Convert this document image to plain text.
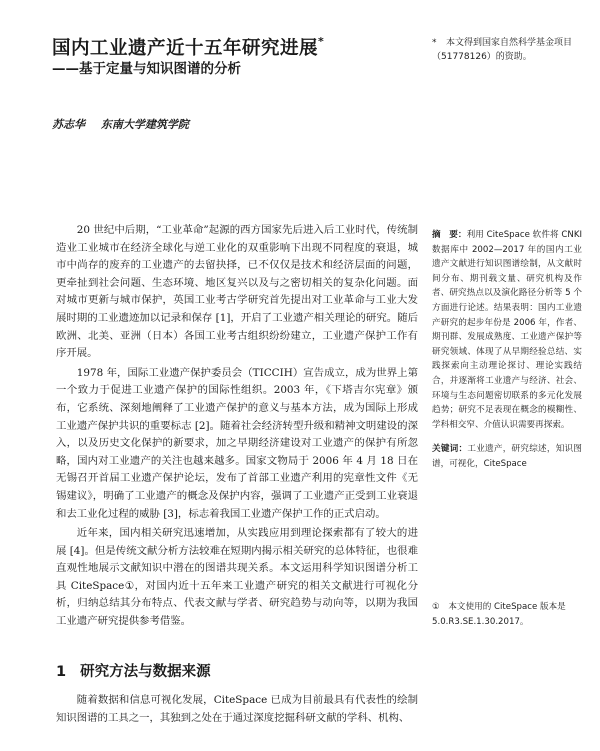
国内工业遗产近十五年研究进展*
——基于定量与知识图谱的分析
苏志华 东南大学建筑学院
* 本文得到国家自然科学基金项目（51778126）的资助。

20 世纪中后期，“工业革命”起源的西方国家先后进入后工业时代，传统制造业工业城市在经济全球化与逆工业化的双重影响下出现不同程度的衰退，城市中尚存的废弃的工业遗产的去留抉择，已不仅仅是技术和经济层面的问题，更牵扯到社会问题、生态环境、地区复兴以及与之密切相关的复杂化问题。面对城市更新与城市保护，英国工业考古学研究首先提出对工业革命与工业大发展时期的工业遗迹加以记录和保存 [1]，开启了工业遗产相关理论的研究。随后欧洲、北美、亚洲（日本）各国工业考古组织纷纷建立，工业遗产保护工作有序开展。

1978 年，国际工业遗产保护委员会（TICCIH）宣告成立，成为世界上第一个致力于促进工业遗产保护的国际性组织。2003 年，《下塔吉尔宪章》颁布，它系统、深刻地阐释了工业遗产保护的意义与基本方法，成为国际上形成工业遗产保护共识的重要标志 [2]。随着社会经济转型升级和精神文明建设的深入，以及历史文化保护的新要求，加之早期经济建设对工业遗产的保护有所忽略，国内对工业遗产的关注也越来越多。国家文物局于 2006 年 4 月 18 日在无锡召开首届工业遗产保护论坛，发布了首部工业遗产利用的宪章性文件《无锡建议》，明确了工业遗产的概念及保护内容，强调了工业遗产正受到工业衰退和去工业化过程的威胁 [3]，标志着我国工业遗产保护工作的正式启动。

近年来，国内相关研究迅速增加，从实践应用到理论探索都有了较大的进展 [4]。但是传统文献分析方法较难在短期内揭示相关研究的总体特征，也很难直观性地展示文献知识中潜在的图谱共现关系。本文运用科学知识图谱分析工具 CiteSpace①，对国内近十五年来工业遗产研究的相关文献进行可视化分析，归纳总结其分布特点、代表文献与学者、研究趋势与动向等，以期为我国工业遗产研究提供参考借鉴。

摘　要：利用 CiteSpace 软件将 CNKI 数据库中 2002—2017 年的国内工业遗产文献进行知识图谱绘制，从文献时间分布、期刊载文量、研究机构及作者、研究热点以及演化路径分析等 5 个方面进行论述。结果表明：国内工业遗产研究的起步年份是 2006 年，作者、期刊群、发展成熟度、工业遗产保护等研究领域、体现了从早期经验总结、实践探索向主动理论探讨、理论实践结合，并逐渐将工业遗产与经济、社会、环境与生态问题密切联系的多元化发展趋势；研究不足表现在概念的模糊性、学科相交窄、介值认识需要再探索。
关键词：工业遗产，研究综述，知识图谱，可视化，CiteSpace
①　 本文使用的 CiteSpace 版本是 5.0.R3.SE.1.30.2017。
1 研究方法与数据来源

随着数据和信息可视化发展，CiteSpace 已成为目前最具有代表性的绘制知识图谱的工具之一，其独到之处在于通过深度挖掘科研文献的学科、机构、
